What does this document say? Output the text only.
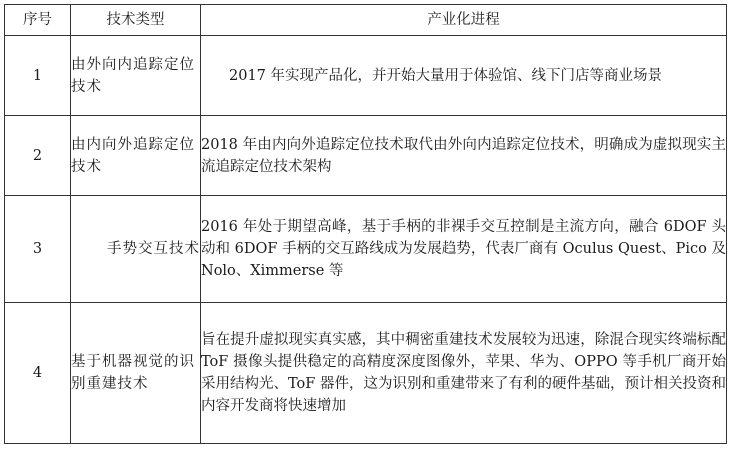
序号	技术类型	产业化进程
1	由外向内追踪定位技术	2017 年实现产品化，并开始大量用于体验馆、线下门店等商业场景
2	由内向外追踪定位技术	2018 年由内向外追踪定位技术取代由外向内追踪定位技术，明确成为虚拟现实主流追踪定位技术架构
3	手势交互技术	2016 年处于期望高峰，基于手柄的非裸手交互控制是主流方向，融合 6DOF 头动和 6DOF 手柄的交互路线成为发展趋势，代表厂商有 Oculus Quest、Pico 及 Nolo、Ximmerse 等
4	基于机器视觉的识别重建技术	旨在提升虚拟现实真实感，其中稠密重建技术发展较为迅速，除混合现实终端标配 ToF 摄像头提供稳定的高精度深度图像外，苹果、华为、OPPO 等手机厂商开始采用结构光、ToF 器件，这为识别和重建带来了有利的硬件基础，预计相关投资和内容开发商将快速增加
